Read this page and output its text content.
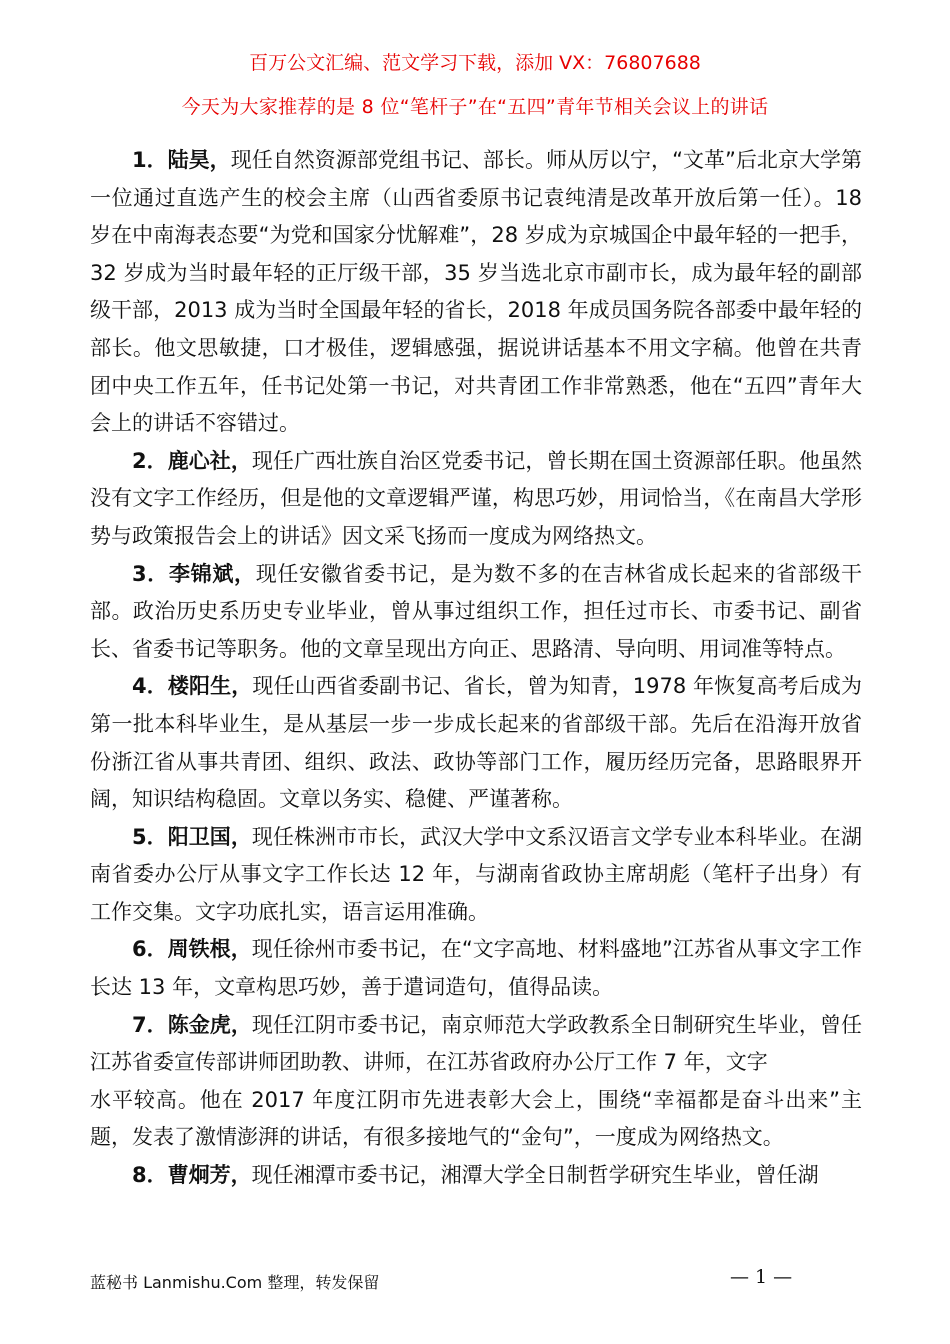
百万公文汇编、范文学习下载，添加 VX：76807688
今天为大家推荐的是 8 位“笔杆子”在“五四”青年节相关会议上的讲话

1．陆昊，现任自然资源部党组书记、部长。师从厉以宁，“文革”后北京大学第一位通过直选产生的校会主席（山西省委原书记袁纯清是改革开放后第一任）。18 岁在中南海表态要“为党和国家分忧解难”，28 岁成为京城国企中最年轻的一把手，32 岁成为当时最年轻的正厅级干部，35 岁当选北京市副市长，成为最年轻的副部级干部，2013 成为当时全国最年轻的省长，2018 年成员国务院各部委中最年轻的部长。他文思敏捷，口才极佳，逻辑感强，据说讲话基本不用文字稿。他曾在共青团中央工作五年，任书记处第一书记，对共青团工作非常熟悉，他在“五四”青年大会上的讲话不容错过。

2．鹿心社，现任广西壮族自治区党委书记，曾长期在国土资源部任职。他虽然没有文字工作经历，但是他的文章逻辑严谨，构思巧妙，用词恰当，《在南昌大学形势与政策报告会上的讲话》因文采飞扬而一度成为网络热文。

3．李锦斌，现任安徽省委书记，是为数不多的在吉林省成长起来的省部级干部。政治历史系历史专业毕业，曾从事过组织工作，担任过市长、市委书记、副省长、省委书记等职务。他的文章呈现出方向正、思路清、导向明、用词准等特点。

4．楼阳生，现任山西省委副书记、省长，曾为知青，1978 年恢复高考后成为第一批本科毕业生，是从基层一步一步成长起来的省部级干部。先后在沿海开放省份浙江省从事共青团、组织、政法、政协等部门工作，履历经历完备，思路眼界开阔，知识结构稳固。文章以务实、稳健、严谨著称。

5．阳卫国，现任株洲市市长，武汉大学中文系汉语言文学专业本科毕业。在湖南省委办公厅从事文字工作长达 12 年，与湖南省政协主席胡彪（笔杆子出身）有工作交集。文字功底扎实，语言运用准确。

6．周铁根，现任徐州市委书记，在“文字高地、材料盛地”江苏省从事文字工作长达 13 年，文章构思巧妙，善于遣词造句，值得品读。

7．陈金虎，现任江阴市委书记，南京师范大学政教系全日制研究生毕业，曾任江苏省委宣传部讲师团助教、讲师，在江苏省政府办公厅工作 7 年，文字

水平较高。他在 2017 年度江阴市先进表彰大会上，围绕“幸福都是奋斗出来”主题，发表了激情澎湃的讲话，有很多接地气的“金句”，一度成为网络热文。

8．曹炯芳，现任湘潭市委书记，湘潭大学全日制哲学研究生毕业，曾任湖

蓝秘书 Lanmishu.Com 整理，转发保留	— 1 —
